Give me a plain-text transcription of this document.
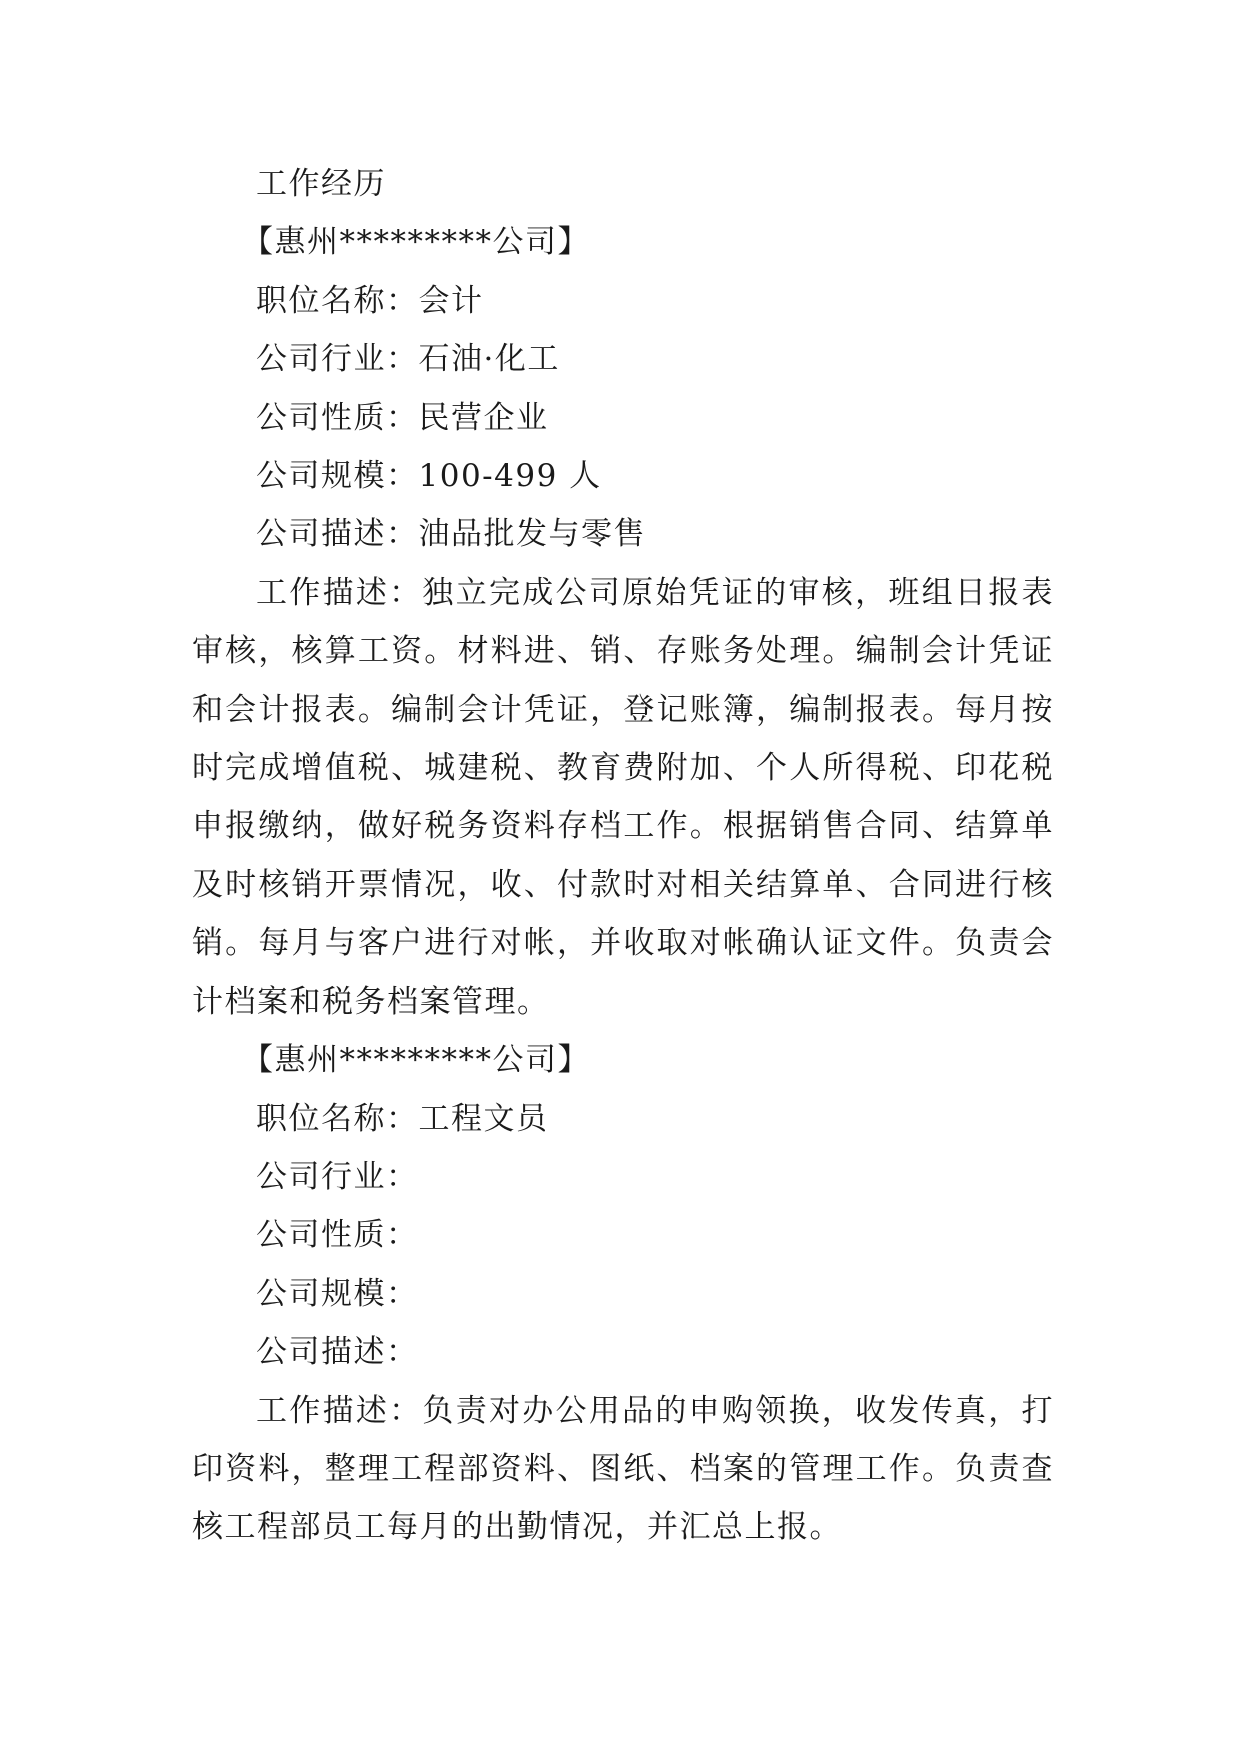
工作经历
【惠州*********公司】
职位名称：会计
公司行业：石油·化工
公司性质：民营企业
公司规模：100-499 人
公司描述：油品批发与零售
工作描述：独立完成公司原始凭证的审核，班组日报表审核，核算工资。材料进、销、存账务处理。编制会计凭证和会计报表。编制会计凭证，登记账簿，编制报表。每月按时完成增值税、城建税、教育费附加、个人所得税、印花税申报缴纳，做好税务资料存档工作。根据销售合同、结算单及时核销开票情况，收、付款时对相关结算单、合同进行核销。每月与客户进行对帐，并收取对帐确认证文件。负责会计档案和税务档案管理。
【惠州*********公司】
职位名称：工程文员
公司行业：
公司性质：
公司规模：
公司描述：
工作描述：负责对办公用品的申购领换，收发传真，打印资料，整理工程部资料、图纸、档案的管理工作。负责查核工程部员工每月的出勤情况，并汇总上报。
